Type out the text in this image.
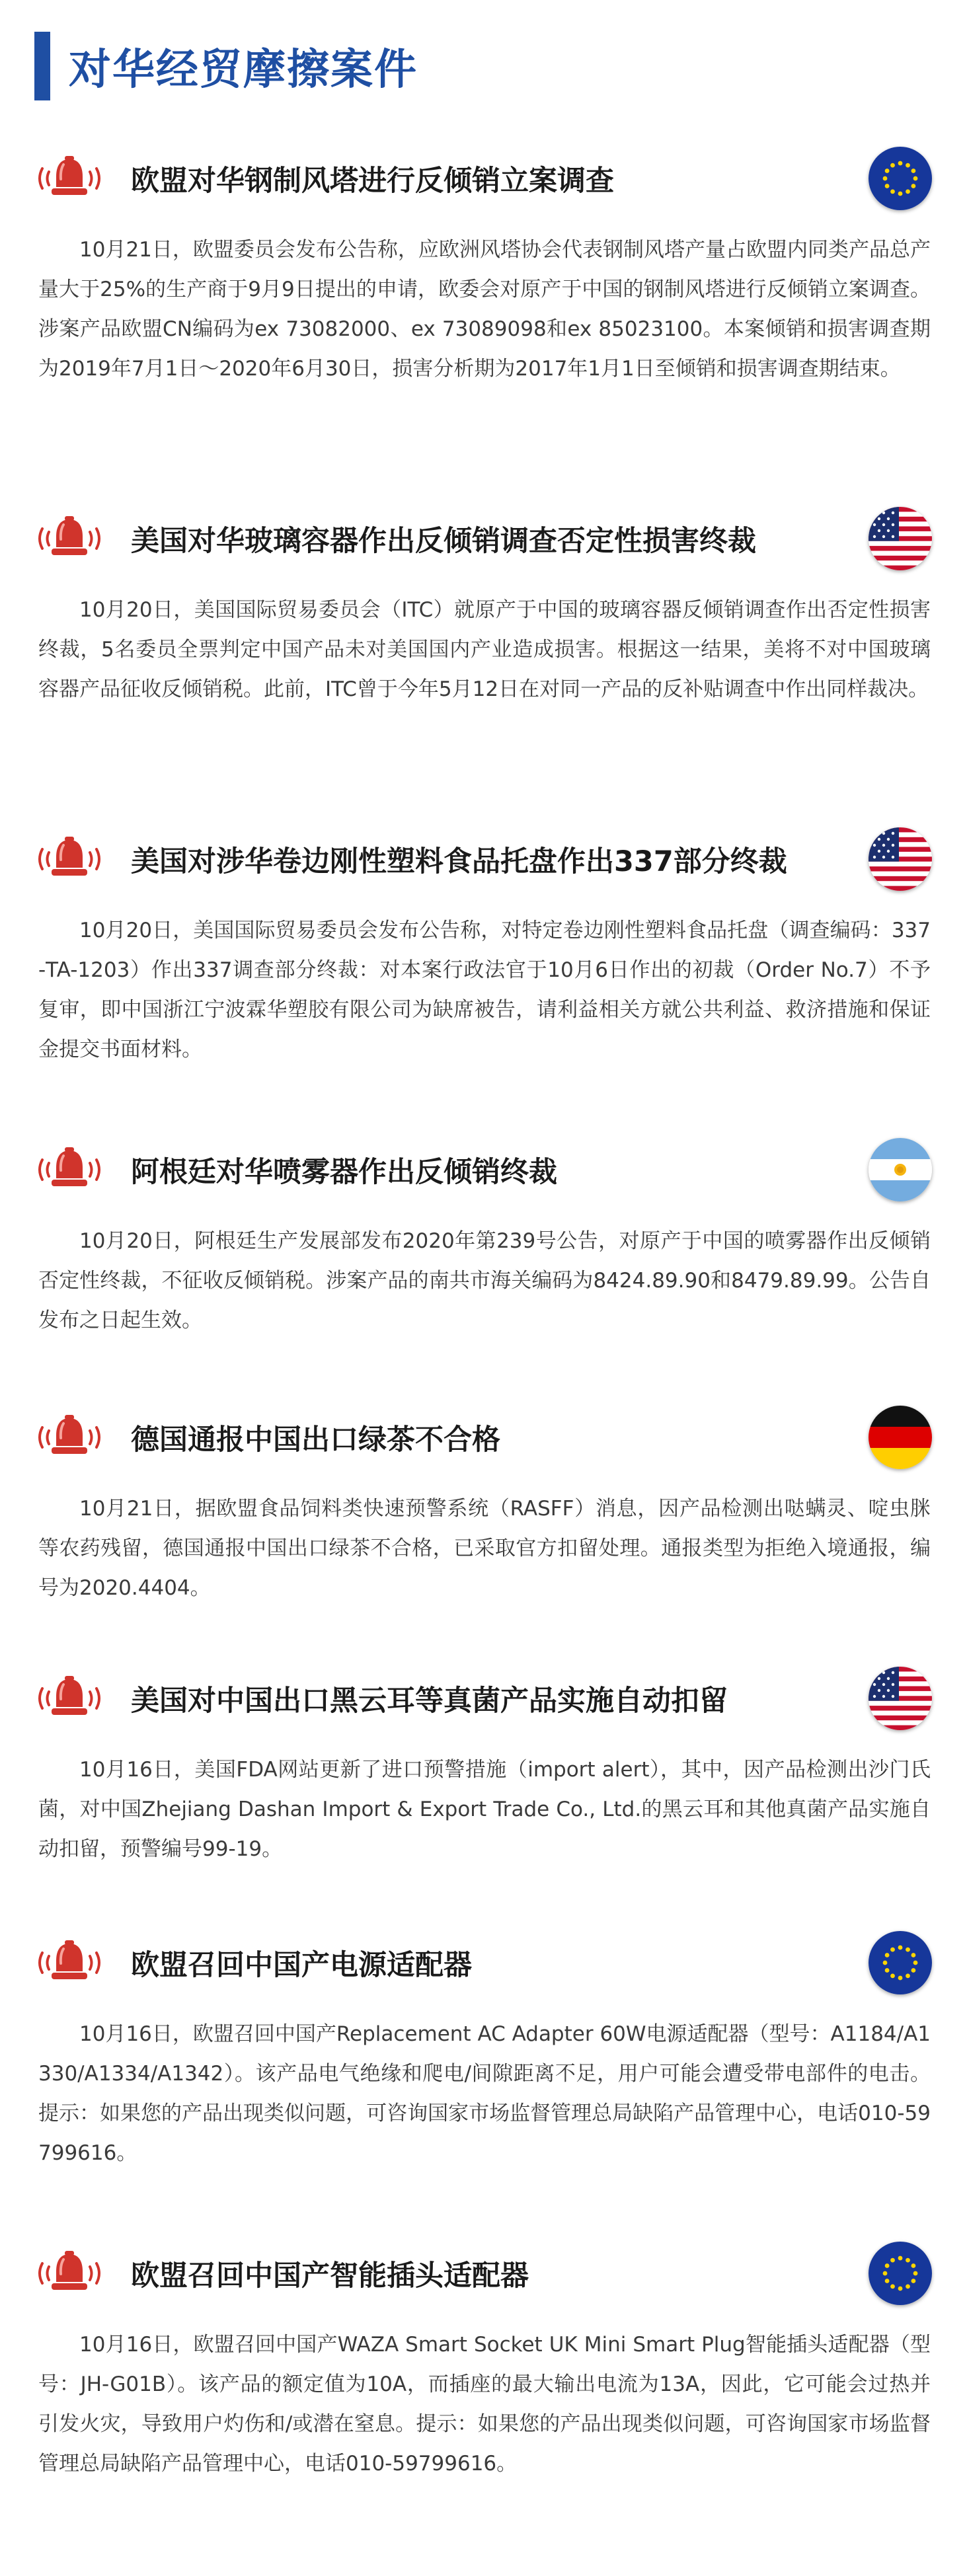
对华经贸摩擦案件
欧盟对华钢制风塔进行反倾销立案调查
10月21日，欧盟委员会发布公告称，应欧洲风塔协会代表钢制风塔产量占欧盟内同类产品总产量大于25%的生产商于9月9日提出的申请，欧委会对原产于中国的钢制风塔进行反倾销立案调查。涉案产品欧盟CN编码为ex 73082000、ex 73089098和ex 85023100。本案倾销和损害调查期为2019年7月1日～2020年6月30日，损害分析期为2017年1月1日至倾销和损害调查期结束。
美国对华玻璃容器作出反倾销调查否定性损害终裁
10月20日，美国国际贸易委员会（ITC）就原产于中国的玻璃容器反倾销调查作出否定性损害终裁，5名委员全票判定中国产品未对美国国内产业造成损害。根据这一结果，美将不对中国玻璃容器产品征收反倾销税。此前，ITC曾于今年5月12日在对同一产品的反补贴调查中作出同样裁决。
美国对涉华卷边刚性塑料食品托盘作出337部分终裁
10月20日，美国国际贸易委员会发布公告称，对特定卷边刚性塑料食品托盘（调查编码：337-TA-1203）作出337调查部分终裁：对本案行政法官于10月6日作出的初裁（Order No.7）不予复审，即中国浙江宁波霖华塑胶有限公司为缺席被告，请利益相关方就公共利益、救济措施和保证金提交书面材料。
阿根廷对华喷雾器作出反倾销终裁
10月20日，阿根廷生产发展部发布2020年第239号公告，对原产于中国的喷雾器作出反倾销否定性终裁，不征收反倾销税。涉案产品的南共市海关编码为8424.89.90和8479.89.99。公告自发布之日起生效。
德国通报中国出口绿茶不合格
10月21日，据欧盟食品饲料类快速预警系统（RASFF）消息，因产品检测出哒螨灵、啶虫脒等农药残留，德国通报中国出口绿茶不合格，已采取官方扣留处理。通报类型为拒绝入境通报，编号为2020.4404。
美国对中国出口黑云耳等真菌产品实施自动扣留
10月16日，美国FDA网站更新了进口预警措施（import alert），其中，因产品检测出沙门氏菌，对中国Zhejiang Dashan Import & Export Trade Co., Ltd.的黑云耳和其他真菌产品实施自动扣留，预警编号99-19。
欧盟召回中国产电源适配器
10月16日，欧盟召回中国产Replacement AC Adapter 60W电源适配器（型号：A1184/A1330/A1334/A1342）。该产品电气绝缘和爬电/间隙距离不足，用户可能会遭受带电部件的电击。提示：如果您的产品出现类似问题，可咨询国家市场监督管理总局缺陷产品管理中心，电话010-59799616。
欧盟召回中国产智能插头适配器
10月16日，欧盟召回中国产WAZA Smart Socket UK Mini Smart Plug智能插头适配器（型号：JH-G01B）。该产品的额定值为10A，而插座的最大输出电流为13A，因此，它可能会过热并引发火灾，导致用户灼伤和/或潜在窒息。提示：如果您的产品出现类似问题，可咨询国家市场监督管理总局缺陷产品管理中心，电话010-59799616。
